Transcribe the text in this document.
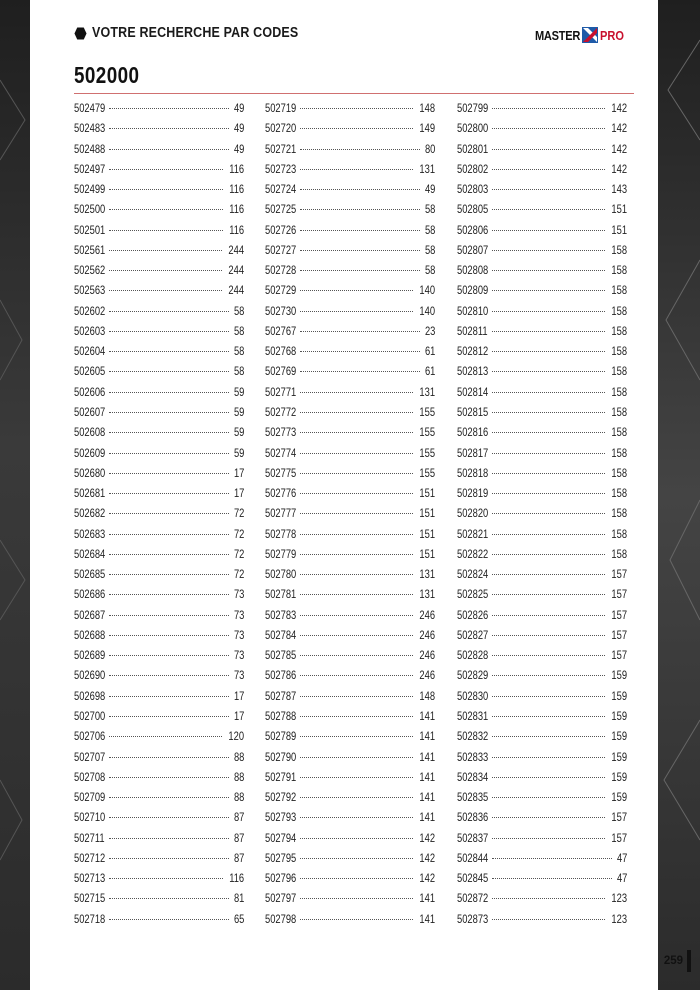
VOTRE RECHERCHE PAR CODES	MASTER PRO
502000
502479	49
502483	49
502488	49
502497	116
502499	116
502500	116
502501	116
502561	244
502562	244
502563	244
502602	58
502603	58
502604	58
502605	58
502606	59
502607	59
502608	59
502609	59
502680	17
502681	17
502682	72
502683	72
502684	72
502685	72
502686	73
502687	73
502688	73
502689	73
502690	73
502698	17
502700	17
502706	120
502707	88
502708	88
502709	88
502710	87
502711	87
502712	87
502713	116
502715	81
502718	65
502719	148
502720	149
502721	80
502723	131
502724	49
502725	58
502726	58
502727	58
502728	58
502729	140
502730	140
502767	23
502768	61
502769	61
502771	131
502772	155
502773	155
502774	155
502775	155
502776	151
502777	151
502778	151
502779	151
502780	131
502781	131
502783	246
502784	246
502785	246
502786	246
502787	148
502788	141
502789	141
502790	141
502791	141
502792	141
502793	141
502794	142
502795	142
502796	142
502797	141
502798	141
502799	142
502800	142
502801	142
502802	142
502803	143
502805	151
502806	151
502807	158
502808	158
502809	158
502810	158
502811	158
502812	158
502813	158
502814	158
502815	158
502816	158
502817	158
502818	158
502819	158
502820	158
502821	158
502822	158
502824	157
502825	157
502826	157
502827	157
502828	157
502829	159
502830	159
502831	159
502832	159
502833	159
502834	159
502835	159
502836	157
502837	157
502844	47
502845	47
502872	123
502873	123
259
